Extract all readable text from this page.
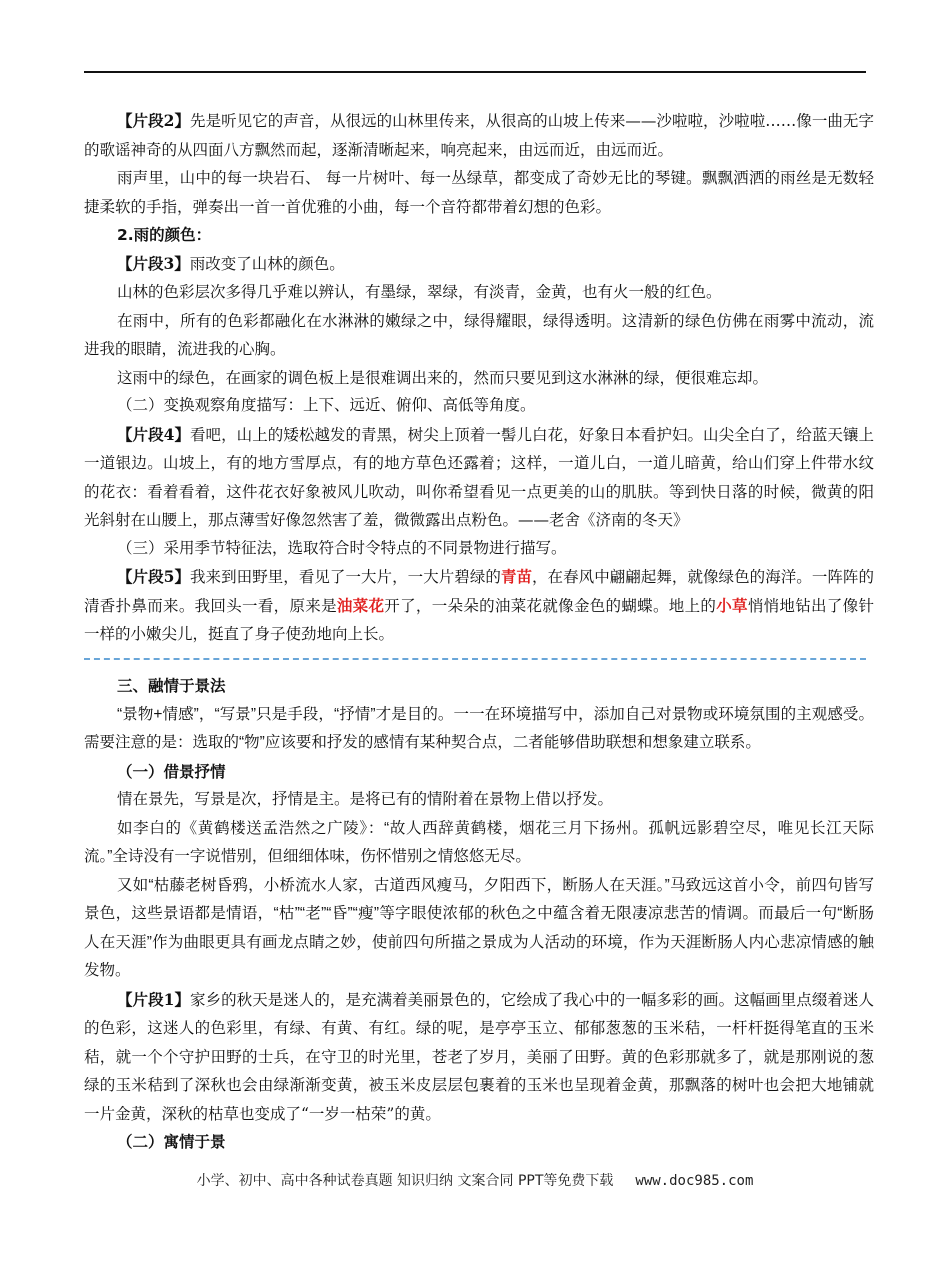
【片段2】先是听见它的声音，从很远的山林里传来，从很高的山坡上传来——沙啦啦，沙啦啦……像一曲无字的歌谣神奇的从四面八方飘然而起，逐渐清晰起来，响亮起来，由远而近，由远而近。

雨声里，山中的每一块岩石、 每一片树叶、每一丛绿草，都变成了奇妙无比的琴键。飘飘洒洒的雨丝是无数轻捷柔软的手指，弹奏出一首一首优雅的小曲，每一个音符都带着幻想的色彩。

2.雨的颜色：

【片段3】雨改变了山林的颜色。

山林的色彩层次多得几乎难以辨认，有墨绿，翠绿，有淡青，金黄，也有火一般的红色。

在雨中，所有的色彩都融化在水淋淋的嫩绿之中，绿得耀眼，绿得透明。这清新的绿色仿佛在雨雾中流动，流进我的眼睛，流进我的心胸。

这雨中的绿色，在画家的调色板上是很难调出来的，然而只要见到这水淋淋的绿，便很难忘却。

（二）变换观察角度描写：上下、远近、俯仰、高低等角度。

【片段4】看吧，山上的矮松越发的青黑，树尖上顶着一髻儿白花，好象日本看护妇。山尖全白了，给蓝天镶上一道银边。山坡上，有的地方雪厚点，有的地方草色还露着；这样，一道儿白，一道儿暗黄，给山们穿上件带水纹的花衣：看着看着，这件花衣好象被风儿吹动，叫你希望看见一点更美的山的肌肤。等到快日落的时候，微黄的阳光斜射在山腰上，那点薄雪好像忽然害了羞，微微露出点粉色。——老舍《济南的冬天》

（三）采用季节特征法，选取符合时令特点的不同景物进行描写。

【片段5】我来到田野里，看见了一大片，一大片碧绿的青苗，在春风中翩翩起舞，就像绿色的海洋。一阵阵的清香扑鼻而来。我回头一看，原来是油菜花开了，一朵朵的油菜花就像金色的蝴蝶。地上的小草悄悄地钻出了像针一样的小嫩尖儿，挺直了身子使劲地向上长。

三、融情于景法

“景物+情感”，“写景”只是手段，“抒情”才是目的。一一在环境描写中，添加自己对景物或环境氛围的主观感受。需要注意的是：选取的“物”应该要和抒发的感情有某种契合点，二者能够借助联想和想象建立联系。

（一）借景抒情

情在景先，写景是次，抒情是主。是将已有的情附着在景物上借以抒发。

如李白的《黄鹤楼送孟浩然之广陵》：“故人西辞黄鹤楼，烟花三月下扬州。孤帆远影碧空尽，唯见长江天际流。”全诗没有一字说惜别，但细细体味，伤怀惜别之情悠悠无尽。

又如“枯藤老树昏鸦，小桥流水人家，古道西风瘦马，夕阳西下，断肠人在天涯。”马致远这首小令，前四句皆写景色，这些景语都是情语，“枯”“老”“昏”“瘦”等字眼使浓郁的秋色之中蕴含着无限凄凉悲苦的情调。而最后一句“断肠人在天涯”作为曲眼更具有画龙点睛之妙，使前四句所描之景成为人活动的环境，作为天涯断肠人内心悲凉情感的触发物。

【片段1】家乡的秋天是迷人的，是充满着美丽景色的，它绘成了我心中的一幅多彩的画。这幅画里点缀着迷人的色彩，这迷人的色彩里，有绿、有黄、有红。绿的呢，是亭亭玉立、郁郁葱葱的玉米秸，一杆杆挺得笔直的玉米秸，就一个个守护田野的士兵，在守卫的时光里，苍老了岁月，美丽了田野。黄的色彩那就多了，就是那刚说的葱绿的玉米秸到了深秋也会由绿渐渐变黄，被玉米皮层层包裹着的玉米也呈现着金黄，那飘落的树叶也会把大地铺就一片金黄，深秋的枯草也变成了“一岁一枯荣”的黄。

（二）寓情于景

小学、初中、高中各种试卷真题 知识归纳 文案合同 PPT等免费下载 www.doc985.com
